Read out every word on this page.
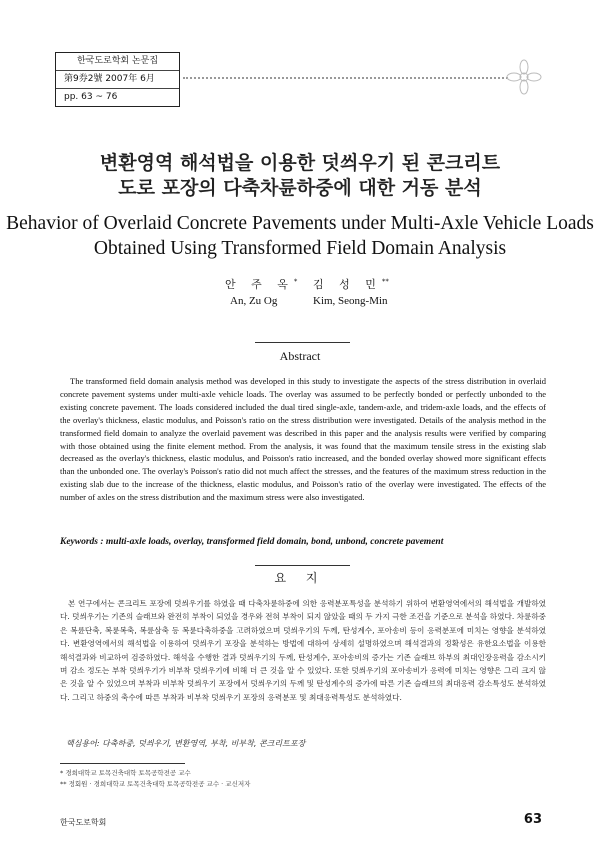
한국도로학회 논문집
第9券2號 2007年 6月
pp. 63 ~ 76
변환영역 해석법을 이용한 덧씌우기 된 콘크리트
도로 포장의 다축차륜하중에 대한 거동 분석
Behavior of Overlaid Concrete Pavements under Multi-Axle Vehicle Loads
Obtained Using Transformed Field Domain Analysis
안 주 옥* 김 성 민**
An, Zu Og	Kim, Seong-Min
Abstract

The transformed field domain analysis method was developed in this study to investigate the aspects of the stress distribution in overlaid concrete pavement systems under multi-axle vehicle loads. The overlay was assumed to be perfectly bonded or perfectly unbonded to the existing concrete pavement. The loads considered included the dual tired single-axle, tandem-axle, and tridem-axle loads, and the effects of the overlay's thickness, elastic modulus, and Poisson's ratio on the stress distribution were investigated. Details of the analysis method in the transformed field domain to analyze the overlaid pavement was described in this paper and the analysis results were verified by comparing with those obtained using the finite element method. From the analysis, it was found that the maximum tensile stress in the existing slab decreased as the overlay's thickness, elastic modulus, and Poisson's ratio increased, and the bonded overlay showed more significant effects than the unbonded one. The overlay's Poisson's ratio did not much affect the stresses, and the features of the maximum stress reduction in the existing slab due to the increase of the thickness, elastic modulus, and Poisson's ratio of the overlay were investigated. The effects of the number of axles on the stress distribution and the maximum stress were also investigated.

Keywords : multi-axle loads, overlay, transformed field domain, bond, unbond, concrete pavement
요 지

본 연구에서는 콘크리트 포장에 덧씌우기를 하였을 때 다축차륜하중에 의한 응력분포특성을 분석하기 위하여 변환영역에서의 해석법을 개발하였다. 덧씌우기는 기존의 슬래브와 완전히 부착이 되었을 경우와 전혀 부착이 되지 않았을 때의 두 가지 극한 조건을 기준으로 분석을 하였다. 차륜하중은 복륜단축, 복륜복축, 복륜삼축 등 복륜다축하중을 고려하였으며 덧씌우기의 두께, 탄성계수, 포아송비 등이 응력분포에 미치는 영향을 분석하였다. 변환영역에서의 해석법을 이용하여 덧씌우기 포장을 분석하는 방법에 대하여 상세히 설명하였으며 해석결과의 정확성은 유한요소법을 이용한 해석결과와 비교하여 검증하였다. 해석을 수행한 결과 덧씌우기의 두께, 탄성계수, 포아송비의 증가는 기존 슬래브 하부의 최대인장응력을 감소시키며 감소 정도는 부착 덧씌우기가 비부착 덧씌우기에 비해 더 큰 것을 알 수 있었다. 또한 덧씌우기의 포아송비가 응력에 미치는 영향은 그리 크지 않은 것을 알 수 있었으며 부착과 비부착 덧씌우기 포장에서 덧씌우기의 두께 및 탄성계수의 증가에 따른 기존 슬래브의 최대응력 감소특성도 분석하였다. 그리고 하중의 축수에 따른 부착과 비부착 덧씌우기 포장의 응력분포 및 최대응력특성도 분석하였다.

핵심용어: 다축하중, 덧씌우기, 변환영역, 부착, 비부착, 콘크리트포장
* 경희대학교 토목건축대학 토목공학전공 교수
** 정회원 · 경희대학교 토목건축대학 토목공학전공 교수 · 교신저자
한국도로학회	63
